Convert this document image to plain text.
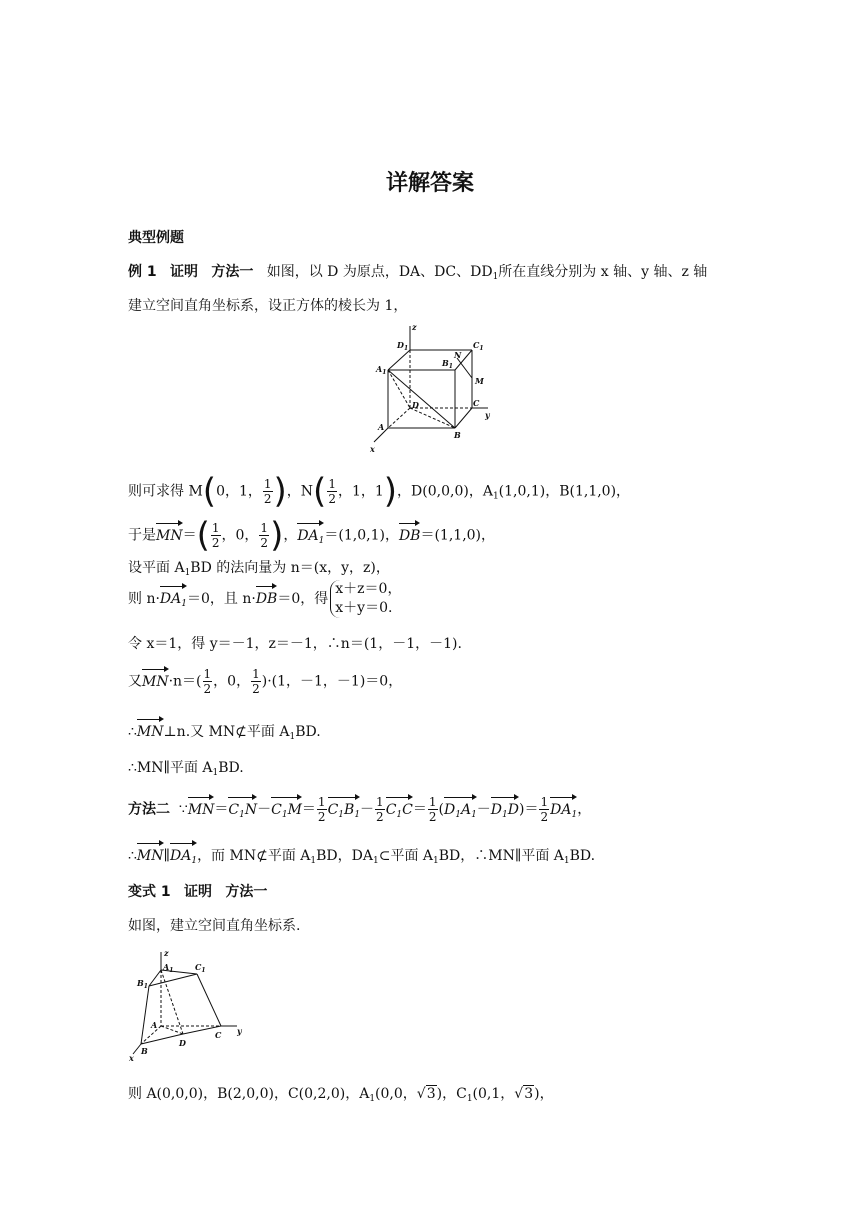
详解答案
典型例题
例 1 证明 方法一 如图，以 D 为原点，DA、DC、$DD_1$所在直线分别为 x 轴、y 轴、z 轴
建立空间直角坐标系，设正方体的棱长为 1，
z
$D_1$	$C_1$
N
$B_1$
$A_1$
M
D	C
y
A
B
x
则可求得 M(0，1， $\frac{1}{2}$ )，$N( \frac{1}{2}$ ，1，1)，D(0,0,0)，$A_1(1,0,1)$，B(1,1,0)，
于是$MN=( \frac{1}{2}$ ，0， $\frac{1}{2}$ )，$DA_1=(1,0,1)$，DB＝(1,1,0)，
设平面 $A_1BD$ 的法向量为 n＝(x，y，z)，
则 $n\cdot DA_1=0$，且 n·DB＝0，得
x＋z＝0，
x＋y＝0.
令 x＝1，得 y＝－1，z＝－1，∴n＝(1，－1，－1).
又$MN\cdot n=( \frac{1}{2}$ ，0， $\frac{1}{2} )\cdot(1$，－1，－1)＝0，
∴MN⊥n.又 MN⊄平面 $A_1BD$.
∴MN∥平面 $A_1BD$.
方法二 $\because MN=C_1N-C_1M= \frac{1}{2} C_1B_1- \frac{1}{2} C_1C= \frac{1}{2} (D_1A_1-D_1D)= \frac{1}{2} DA_1$，
$\therefore MN\parallel DA_1$，而 MN⊄平面 $A_1BD$，$DA_1\subset$平面 $A_1BD$，∴MN∥平面 $A_1BD$.
变式 1 证明 方法一
如图，建立空间直角坐标系.
z
$A_1$	$C_1$
$B_1$
A
D
C y
B
x
则 A(0,0,0)，B(2,0,0)，C(0,2,0)，$A_1(0,0$，√3)，$C_1(0,1$，√3)，
